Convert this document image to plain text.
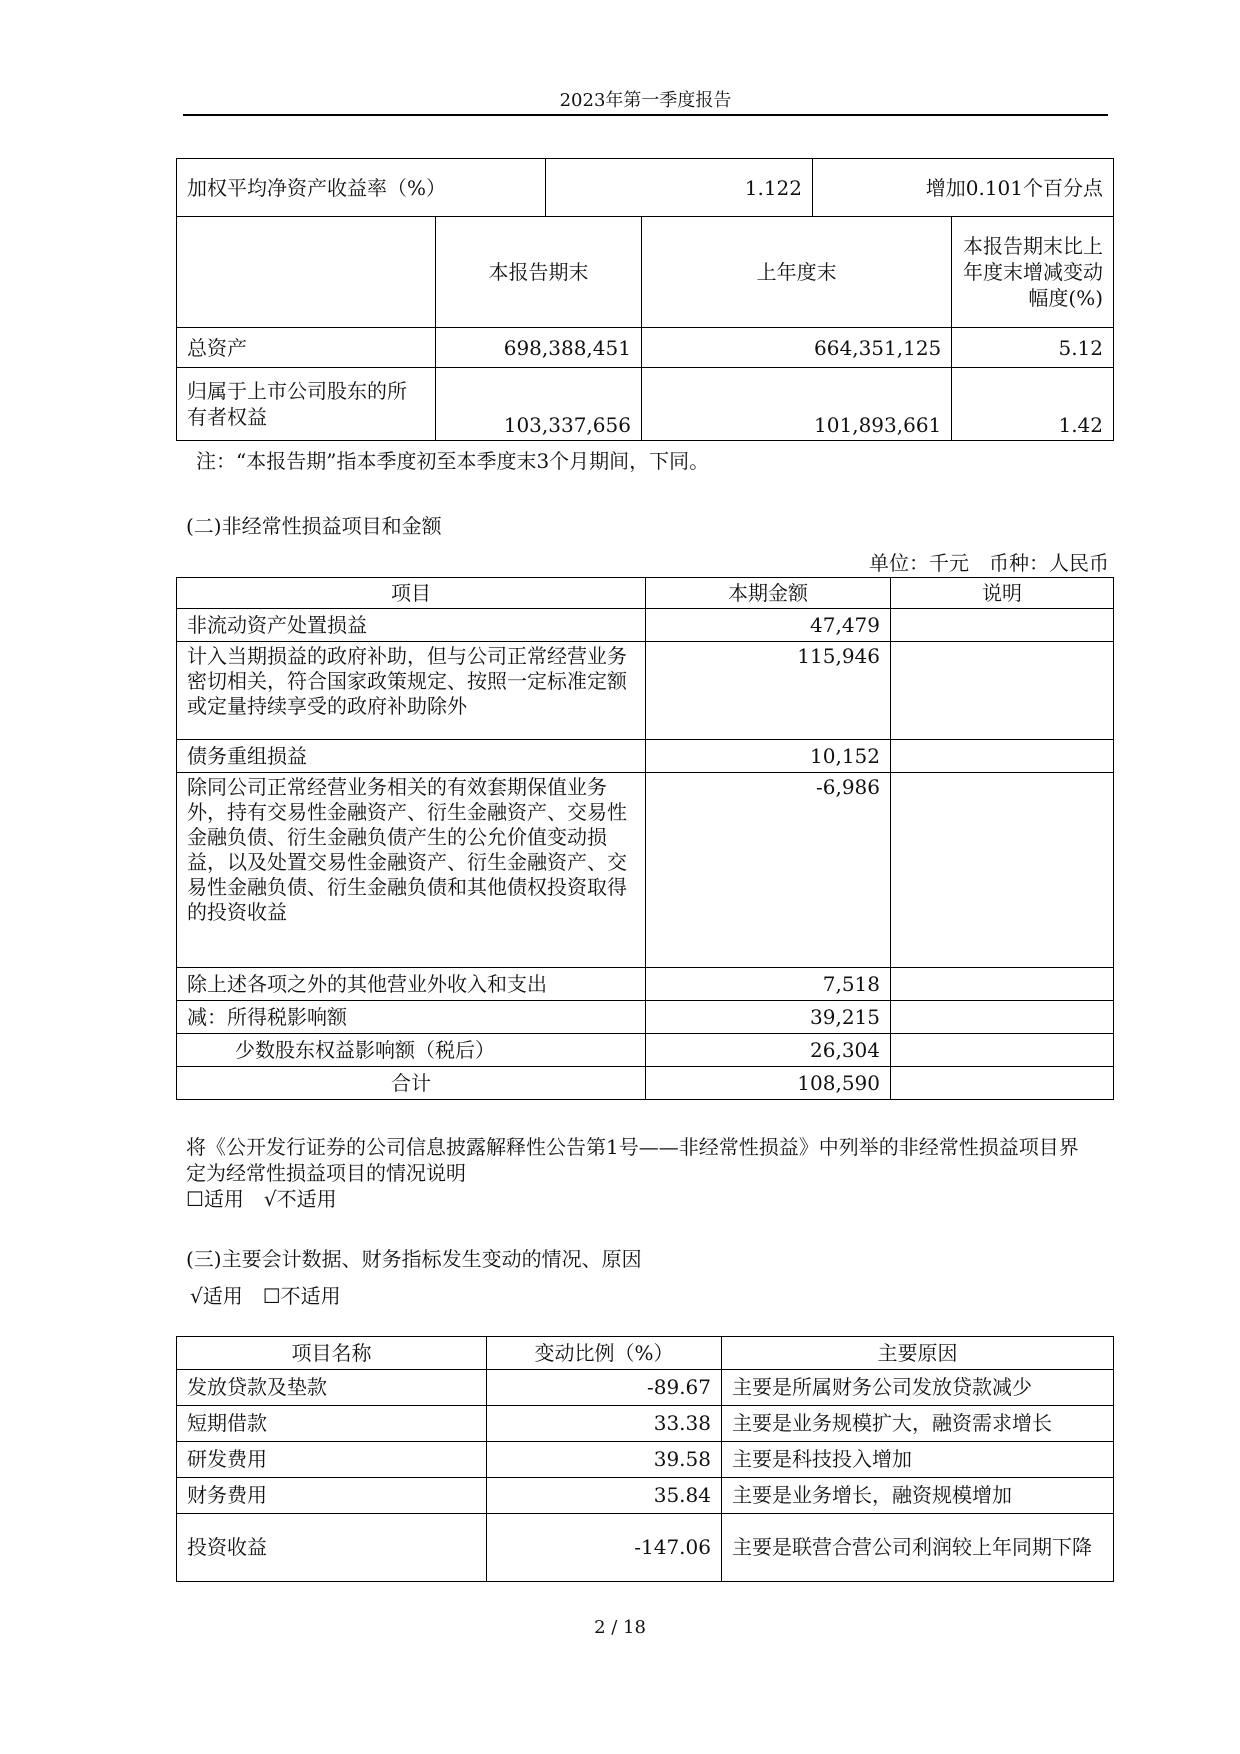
2023年第一季度报告
加权平均净资产收益率（%）	1.122	增加0.101个百分点
	本报告期末	上年度末	本报告期末比上年度末增减变动幅度(%)
总资产	698,388,451	664,351,125	5.12
归属于上市公司股东的所有者权益	103,337,656	101,893,661	1.42
注：“本报告期”指本季度初至本季度末3个月期间，下同。
(二)非经常性损益项目和金额
单位：千元　币种：人民币
项目	本期金额	说明
非流动资产处置损益	47,479	
计入当期损益的政府补助，但与公司正常经营业务密切相关，符合国家政策规定、按照一定标准定额或定量持续享受的政府补助除外	115,946	
债务重组损益	10,152	
除同公司正常经营业务相关的有效套期保值业务外，持有交易性金融资产、衍生金融资产、交易性金融负债、衍生金融负债产生的公允价值变动损益，以及处置交易性金融资产、衍生金融资产、交易性金融负债、衍生金融负债和其他债权投资取得的投资收益	-6,986	
除上述各项之外的其他营业外收入和支出	7,518	
减：所得税影响额	39,215	
少数股东权益影响额（税后）	26,304	
合计	108,590	
将《公开发行证券的公司信息披露解释性公告第1号——非经常性损益》中列举的非经常性损益项目界
定为经常性损益项目的情况说明
☐适用　√不适用
(三)主要会计数据、财务指标发生变动的情况、原因
√适用　☐不适用
项目名称	变动比例（%）	主要原因
发放贷款及垫款	-89.67	主要是所属财务公司发放贷款减少
短期借款	33.38	主要是业务规模扩大，融资需求增长
研发费用	39.58	主要是科技投入增加
财务费用	35.84	主要是业务增长，融资规模增加
投资收益	-147.06	主要是联营合营公司利润较上年同期下降
2 / 18
